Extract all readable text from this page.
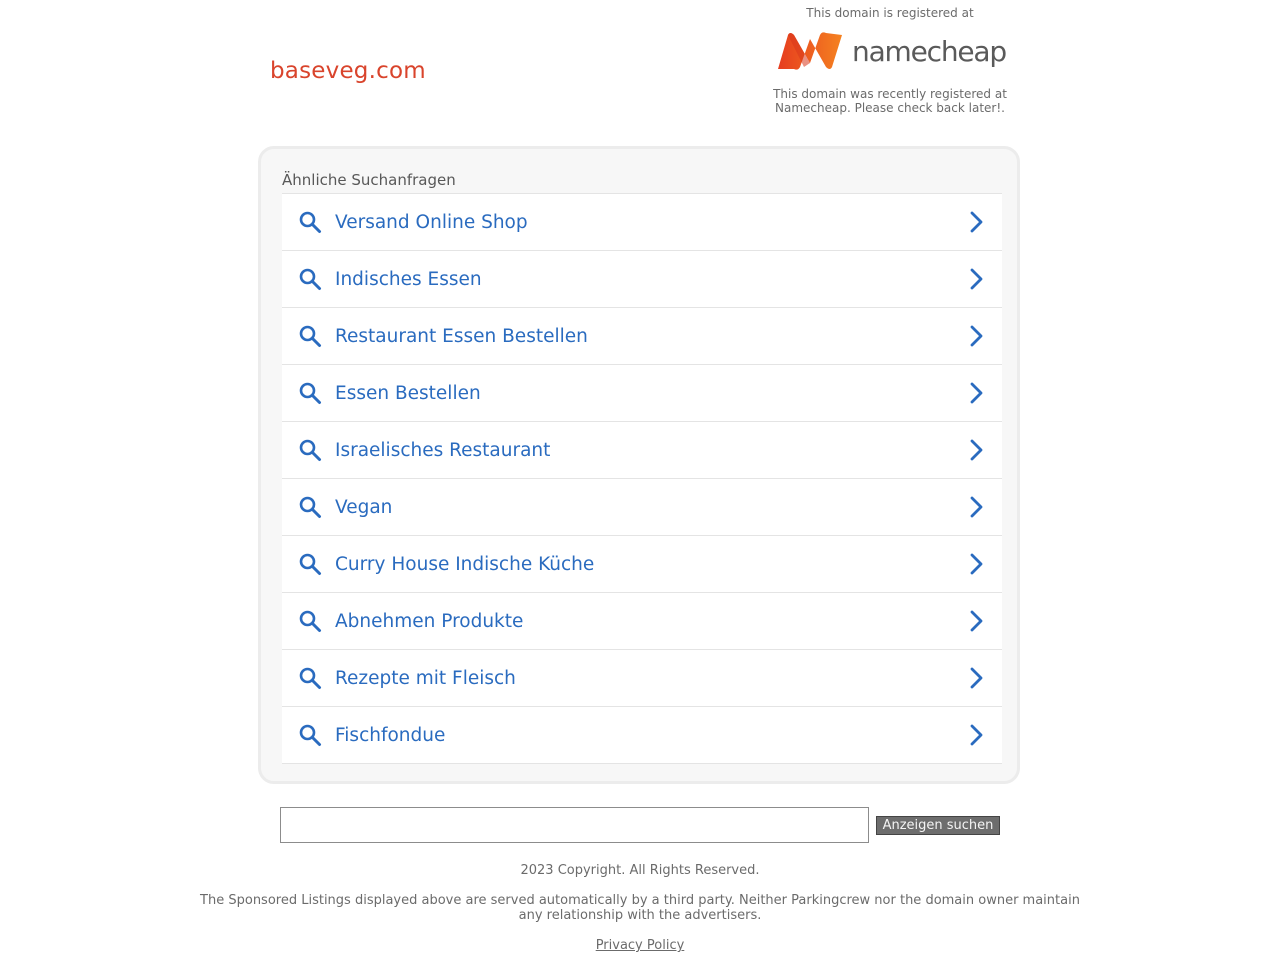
baseveg.com
This domain is registered at
namecheap
This domain was recently registered at Namecheap. Please check back later!.
Ähnliche Suchanfragen
Versand Online Shop
Indisches Essen
Restaurant Essen Bestellen
Essen Bestellen
Israelisches Restaurant
Vegan
Curry House Indische Küche
Abnehmen Produkte
Rezepte mit Fleisch
Fischfondue
Anzeigen suchen
2023 Copyright. All Rights Reserved.
The Sponsored Listings displayed above are served automatically by a third party. Neither Parkingcrew nor the domain owner maintain any relationship with the advertisers.
Privacy Policy
